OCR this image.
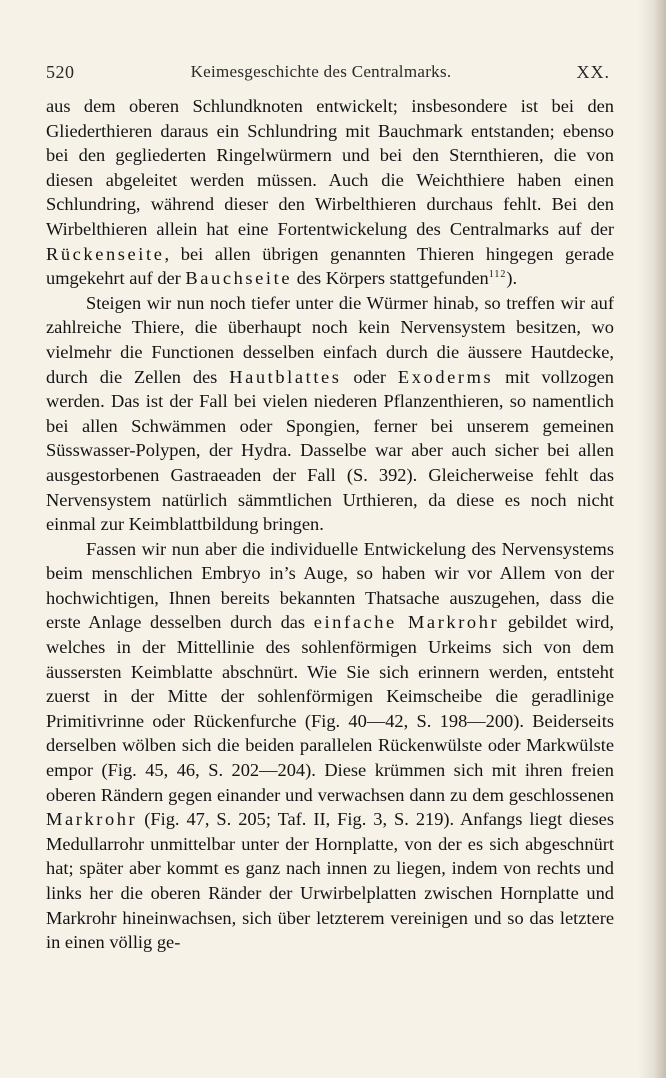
520	Keimesgeschichte des Centralmarks.	XX.

aus dem oberen Schlundknoten entwickelt; insbesondere ist bei den Gliederthieren daraus ein Schlundring mit Bauchmark entstanden; ebenso bei den gegliederten Ringelwürmern und bei den Sternthieren, die von diesen abgeleitet werden müssen. Auch die Weichthiere haben einen Schlundring, während dieser den Wirbelthieren durchaus fehlt. Bei den Wirbelthieren allein hat eine Fortentwickelung des Centralmarks auf der Rückenseite, bei allen übrigen genannten Thieren hingegen gerade umgekehrt auf der Bauchseite des Körpers stattgefunden$^{112}$).

Steigen wir nun noch tiefer unter die Würmer hinab, so treffen wir auf zahlreiche Thiere, die überhaupt noch kein Nervensystem besitzen, wo vielmehr die Functionen desselben einfach durch die äussere Hautdecke, durch die Zellen des Hautblattes oder Exoderms mit vollzogen werden. Das ist der Fall bei vielen niederen Pflanzenthieren, so namentlich bei allen Schwämmen oder Spongien, ferner bei unserem gemeinen Süsswasser-Polypen, der Hydra. Dasselbe war aber auch sicher bei allen ausgestorbenen Gastraeaden der Fall (S. 392). Gleicherweise fehlt das Nervensystem natürlich sämmtlichen Urthieren, da diese es noch nicht einmal zur Keimblattbildung bringen.

Fassen wir nun aber die individuelle Entwickelung des Nervensystems beim menschlichen Embryo in’s Auge, so haben wir vor Allem von der hochwichtigen, Ihnen bereits bekannten Thatsache auszugehen, dass die erste Anlage desselben durch das einfache Markrohr gebildet wird, welches in der Mittellinie des sohlenförmigen Urkeims sich von dem äussersten Keimblatte abschnürt. Wie Sie sich erinnern werden, entsteht zuerst in der Mitte der sohlenförmigen Keimscheibe die geradlinige Primitivrinne oder Rückenfurche (Fig. 40—42, S. 198—200). Beiderseits derselben wölben sich die beiden parallelen Rückenwülste oder Markwülste empor (Fig. 45, 46, S. 202—204). Diese krümmen sich mit ihren freien oberen Rändern gegen einander und verwachsen dann zu dem geschlossenen Markrohr (Fig. 47, S. 205; Taf. II, Fig. 3, S. 219). Anfangs liegt dieses Medullarrohr unmittelbar unter der Hornplatte, von der es sich abgeschnürt hat; später aber kommt es ganz nach innen zu liegen, indem von rechts und links her die oberen Ränder der Urwirbelplatten zwischen Hornplatte und Markrohr hineinwachsen, sich über letzterem vereinigen und so das letztere in einen völlig ge-
